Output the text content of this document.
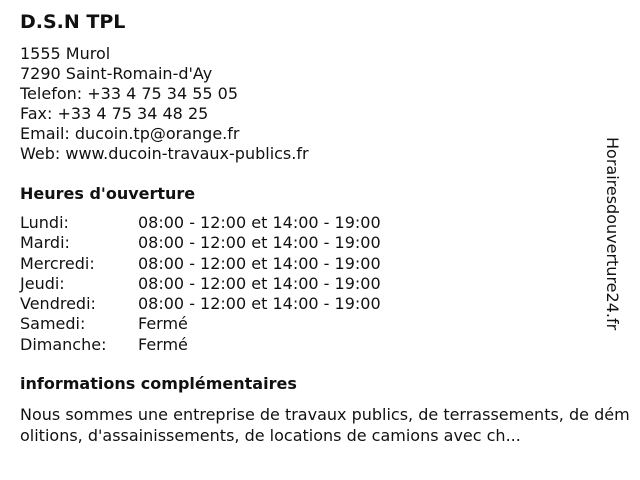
D.S.N TPL
1555 Murol
7290 Saint-Romain-d'Ay
Telefon: +33 4 75 34 55 05
Fax: +33 4 75 34 48 25
Email: ducoin.tp@orange.fr
Web: www.ducoin-travaux-publics.fr
Heures d'ouverture
Lundi:	08:00 - 12:00 et 14:00 - 19:00
Mardi:	08:00 - 12:00 et 14:00 - 19:00
Mercredi:	08:00 - 12:00 et 14:00 - 19:00
Jeudi:	08:00 - 12:00 et 14:00 - 19:00
Vendredi:	08:00 - 12:00 et 14:00 - 19:00
Samedi:	Fermé
Dimanche:	Fermé
informations complémentaires
Nous sommes une entreprise de travaux publics, de terrassements, de démolitions, d'assainissements, de locations de camions avec ch...
Horairesdouverture24.fr
